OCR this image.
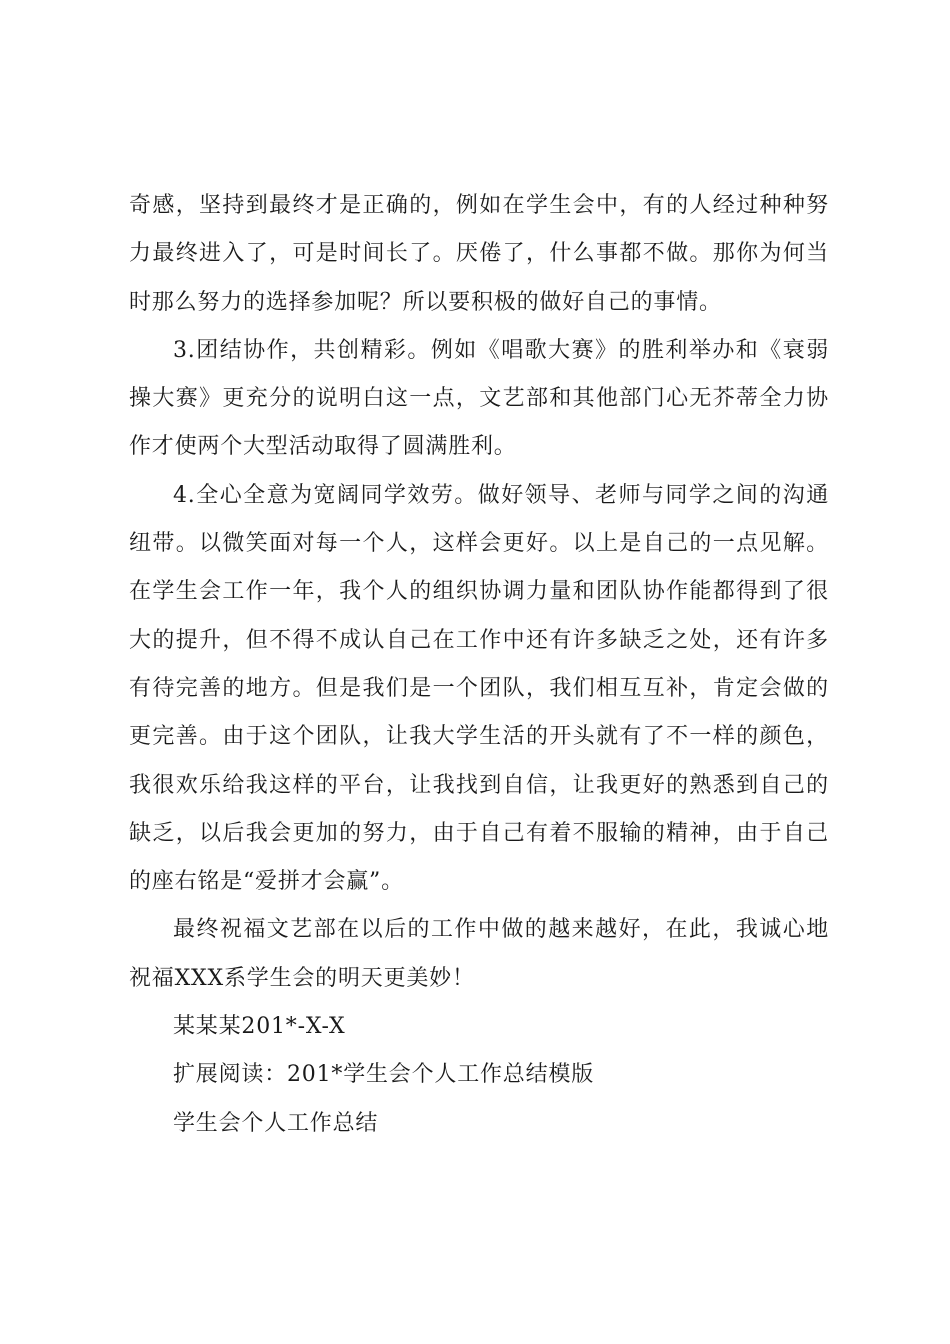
奇感，坚持到最终才是正确的，例如在学生会中，有的人经过种种努力最终进入了，可是时间长了。厌倦了，什么事都不做。那你为何当时那么努力的选择参加呢？所以要积极的做好自己的事情。

3.团结协作，共创精彩。例如《唱歌大赛》的胜利举办和《衰弱操大赛》更充分的说明白这一点，文艺部和其他部门心无芥蒂全力协作才使两个大型活动取得了圆满胜利。

4.全心全意为宽阔同学效劳。做好领导、老师与同学之间的沟通纽带。以微笑面对每一个人，这样会更好。以上是自己的一点见解。在学生会工作一年，我个人的组织协调力量和团队协作能都得到了很大的提升，但不得不成认自己在工作中还有许多缺乏之处，还有许多有待完善的地方。但是我们是一个团队，我们相互互补，肯定会做的更完善。由于这个团队，让我大学生活的开头就有了不一样的颜色，我很欢乐给我这样的平台，让我找到自信，让我更好的熟悉到自己的缺乏，以后我会更加的努力，由于自己有着不服输的精神，由于自己的座右铭是“爱拼才会赢”。

最终祝福文艺部在以后的工作中做的越来越好，在此，我诚心地祝福XXX系学生会的明天更美妙！

某某某201*-X-X

扩展阅读：201*学生会个人工作总结模版

学生会个人工作总结
